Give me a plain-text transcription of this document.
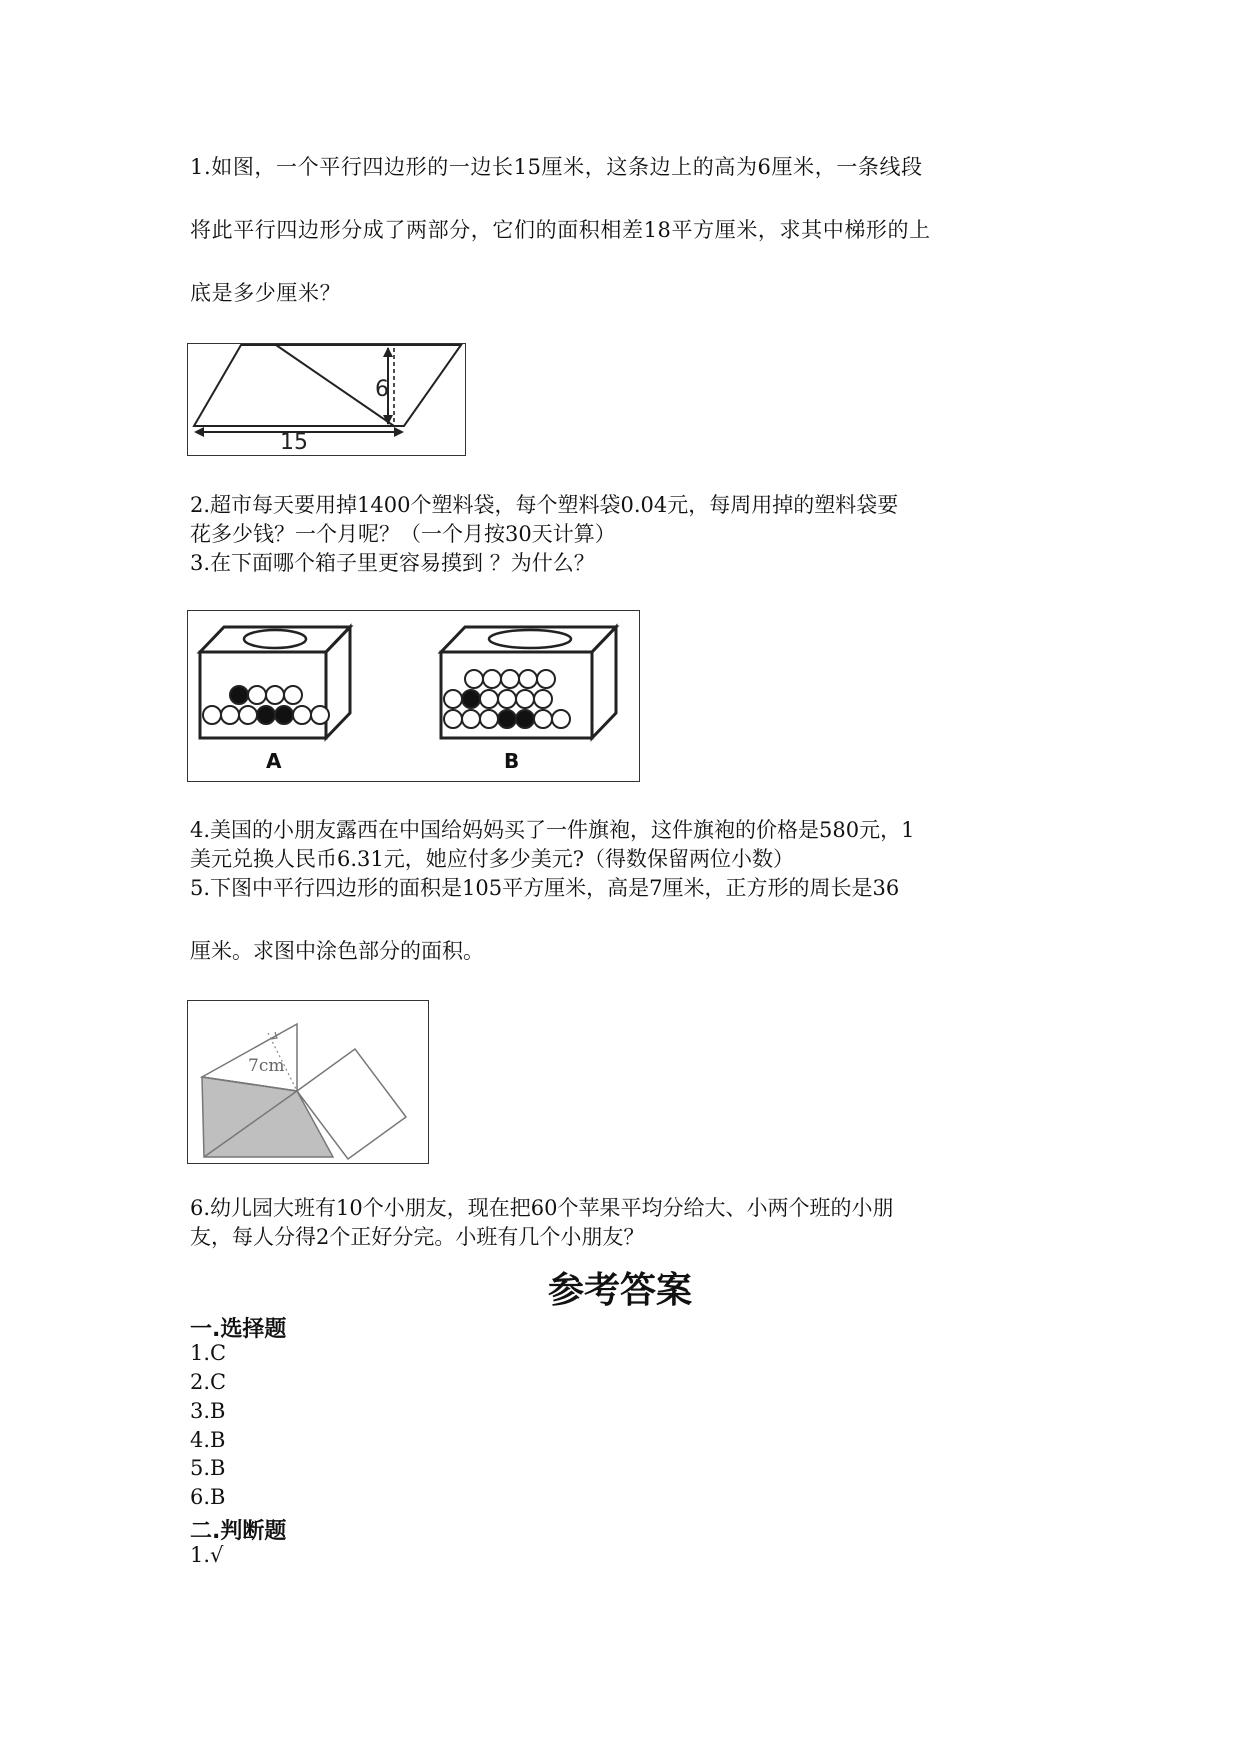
1.如图，一个平行四边形的一边长15厘米，这条边上的高为6厘米，一条线段

将此平行四边形分成了两部分，它们的面积相差18平方厘米，求其中梯形的上

底是多少厘米？

6
15

2.超市每天要用掉1400个塑料袋，每个塑料袋0.04元，每周用掉的塑料袋要

花多少钱？一个月呢？（一个月按30天计算）

3.在下面哪个箱子里更容易摸到 ？为什么？

A	B

4.美国的小朋友露西在中国给妈妈买了一件旗袍，这件旗袍的价格是580元，1

美元兑换人民币6.31元，她应付多少美元?（得数保留两位小数）

5.下图中平行四边形的面积是105平方厘米，高是7厘米，正方形的周长是36

厘米。求图中涂色部分的面积。

7cm

6.幼儿园大班有10个小朋友，现在把60个苹果平均分给大、小两个班的小朋

友，每人分得2个正好分完。小班有几个小朋友？

参考答案

一.选择题

1.C

2.C

3.B

4.B

5.B

6.B

二.判断题

1.√
